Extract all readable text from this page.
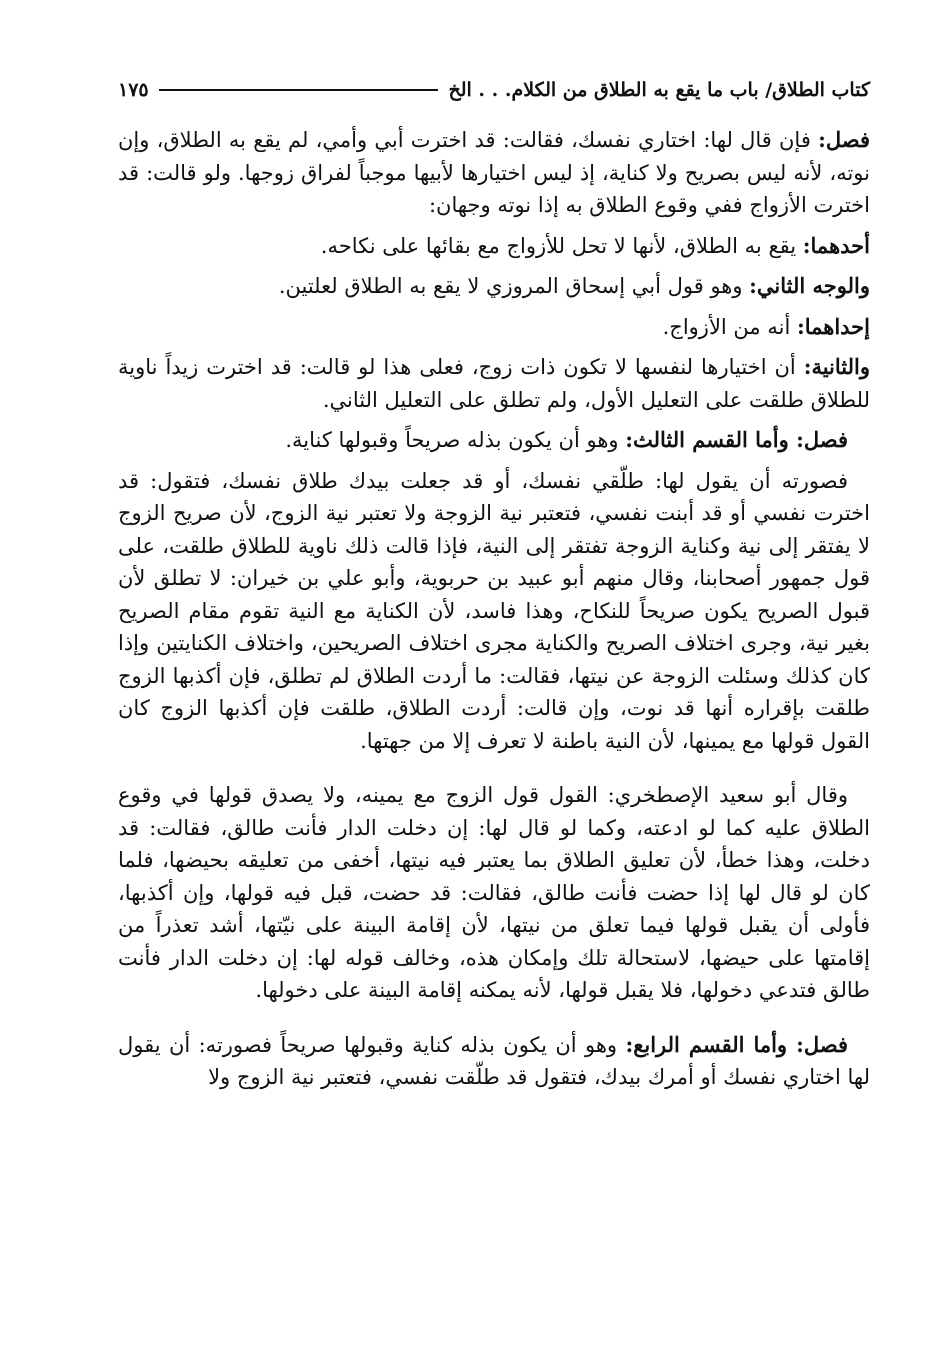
كتاب الطلاق/ باب ما يقع به الطلاق من الكلام. . . الخ
١٧٥

فصل: فإن قال لها: اختاري نفسك، فقالت: قد اخترت أبي وأمي، لم يقع به الطلاق، وإن نوته، لأنه ليس بصريح ولا كناية، إذ ليس اختيارها لأبيها موجباً لفراق زوجها. ولو قالت: قد اخترت الأزواج ففي وقوع الطلاق به إذا نوته وجهان:

أحدهما: يقع به الطلاق، لأنها لا تحل للأزواج مع بقائها على نكاحه.

والوجه الثاني: وهو قول أبي إسحاق المروزي لا يقع به الطلاق لعلتين.

إحداهما: أنه من الأزواج.

والثانية: أن اختيارها لنفسها لا تكون ذات زوج، فعلى هذا لو قالت: قد اخترت زيداً ناوية للطلاق طلقت على التعليل الأول، ولم تطلق على التعليل الثاني.

فصل: وأما القسم الثالث: وهو أن يكون بذله صريحاً وقبولها كناية.

فصورته أن يقول لها: طلّقي نفسك، أو قد جعلت بيدك طلاق نفسك، فتقول: قد اخترت نفسي أو قد أبنت نفسي، فتعتبر نية الزوجة ولا تعتبر نية الزوج، لأن صريح الزوج لا يفتقر إلى نية وكناية الزوجة تفتقر إلى النية، فإذا قالت ذلك ناوية للطلاق طلقت، على قول جمهور أصحابنا، وقال منهم أبو عبيد بن حربوية، وأبو علي بن خيران: لا تطلق لأن قبول الصريح يكون صريحاً للنكاح، وهذا فاسد، لأن الكناية مع النية تقوم مقام الصريح بغير نية، وجرى اختلاف الصريح والكناية مجرى اختلاف الصريحين، واختلاف الكنايتين وإذا كان كذلك وسئلت الزوجة عن نيتها، فقالت: ما أردت الطلاق لم تطلق، فإن أكذبها الزوج طلقت بإقراره أنها قد نوت، وإن قالت: أردت الطلاق، طلقت فإن أكذبها الزوج كان القول قولها مع يمينها، لأن النية باطنة لا تعرف إلا من جهتها.

وقال أبو سعيد الإصطخري: القول قول الزوج مع يمينه، ولا يصدق قولها في وقوع الطلاق عليه كما لو ادعته، وكما لو قال لها: إن دخلت الدار فأنت طالق، فقالت: قد دخلت، وهذا خطأ، لأن تعليق الطلاق بما يعتبر فيه نيتها، أخفى من تعليقه بحيضها، فلما كان لو قال لها إذا حضت فأنت طالق، فقالت: قد حضت، قبل فيه قولها، وإن أكذبها، فأولى أن يقبل قولها فيما تعلق من نيتها، لأن إقامة البينة على نيّتها، أشد تعذراً من إقامتها على حيضها، لاستحالة تلك وإمكان هذه، وخالف قوله لها: إن دخلت الدار فأنت طالق فتدعي دخولها، فلا يقبل قولها، لأنه يمكنه إقامة البينة على دخولها.

فصل: وأما القسم الرابع: وهو أن يكون بذله كناية وقبولها صريحاً فصورته: أن يقول لها اختاري نفسك أو أمرك بيدك، فتقول قد طلّقت نفسي، فتعتبر نية الزوج ولا
